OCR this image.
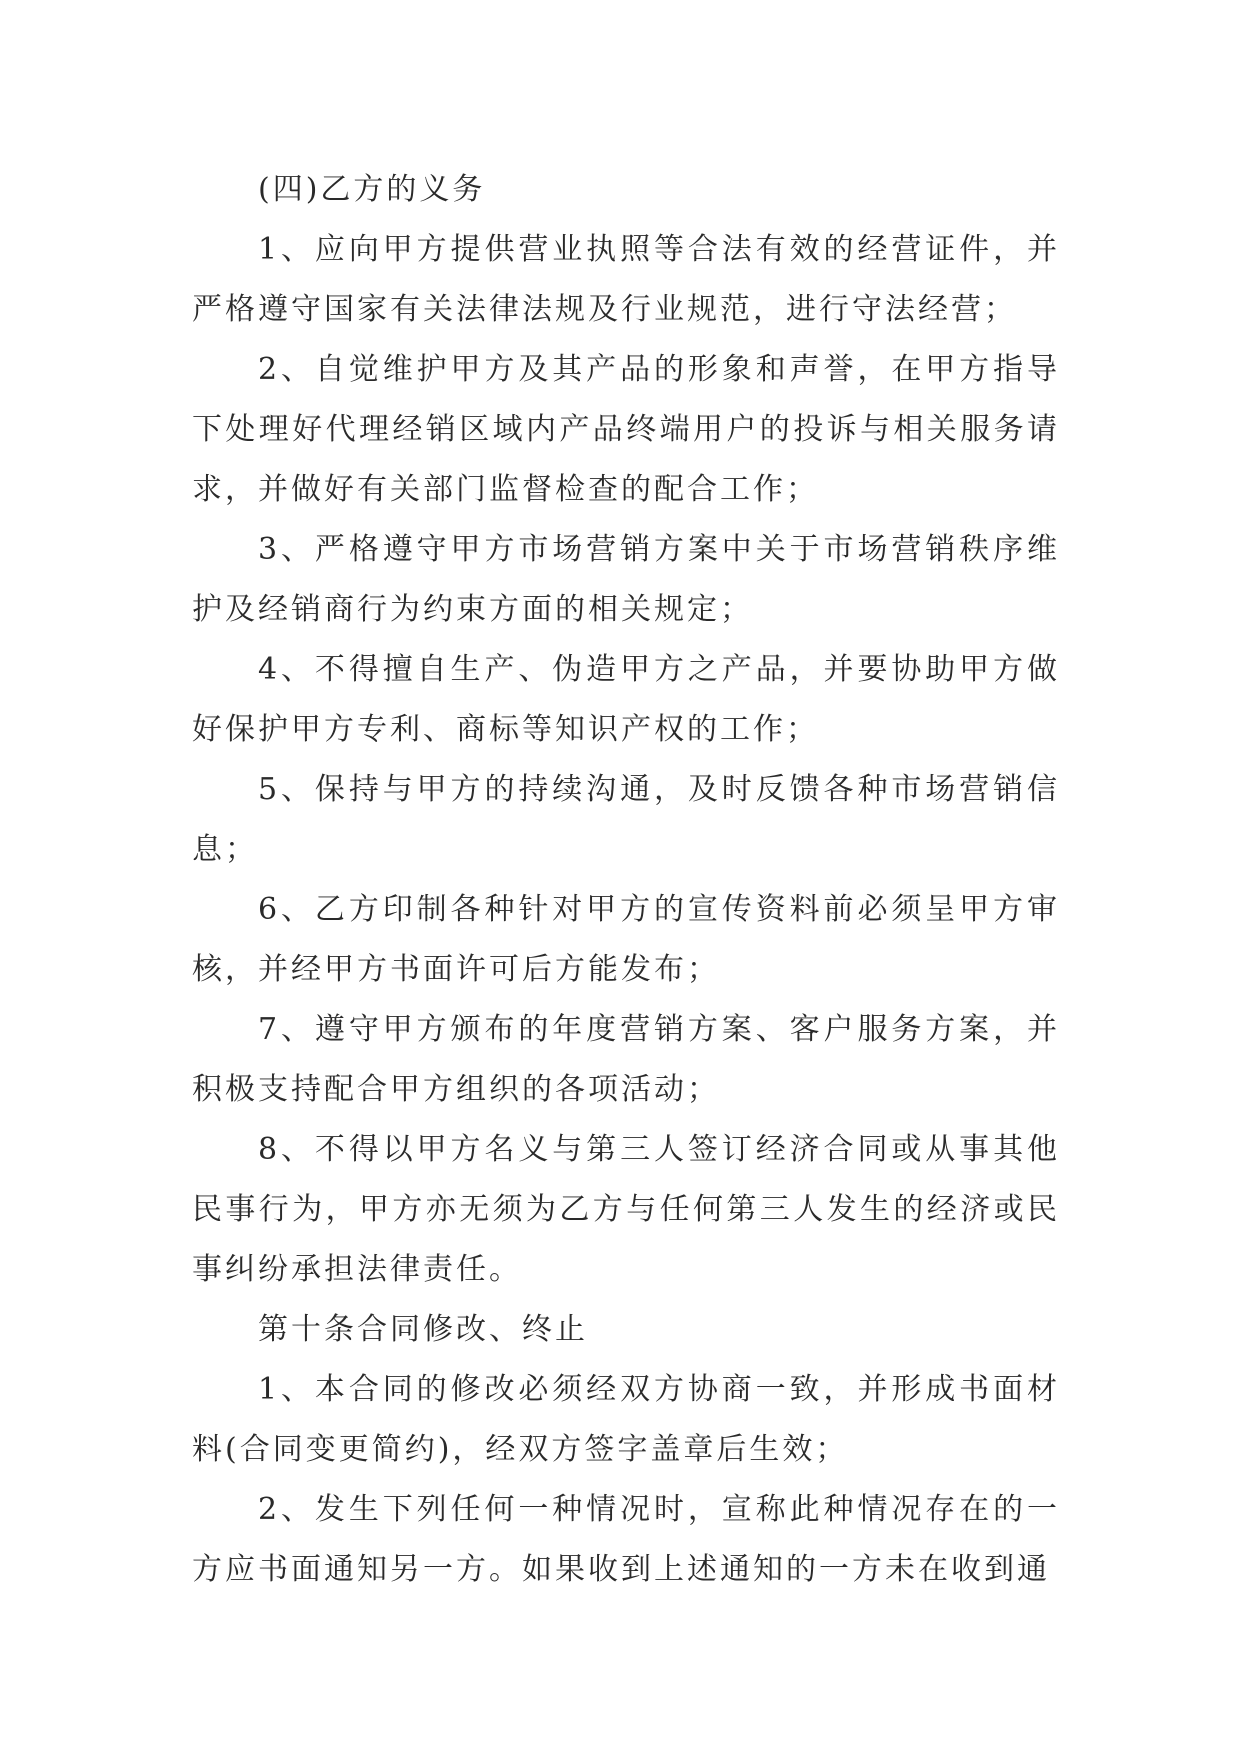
(四)乙方的义务

1、应向甲方提供营业执照等合法有效的经营证件，并严格遵守国家有关法律法规及行业规范，进行守法经营；

2、自觉维护甲方及其产品的形象和声誉，在甲方指导下处理好代理经销区域内产品终端用户的投诉与相关服务请求，并做好有关部门监督检查的配合工作；

3、严格遵守甲方市场营销方案中关于市场营销秩序维护及经销商行为约束方面的相关规定；

4、不得擅自生产、伪造甲方之产品，并要协助甲方做好保护甲方专利、商标等知识产权的工作；

5、保持与甲方的持续沟通，及时反馈各种市场营销信息；

6、乙方印制各种针对甲方的宣传资料前必须呈甲方审核，并经甲方书面许可后方能发布；

7、遵守甲方颁布的年度营销方案、客户服务方案，并积极支持配合甲方组织的各项活动；

8、不得以甲方名义与第三人签订经济合同或从事其他民事行为，甲方亦无须为乙方与任何第三人发生的经济或民事纠纷承担法律责任。

第十条合同修改、终止

1、本合同的修改必须经双方协商一致，并形成书面材料(合同变更简约)，经双方签字盖章后生效；

2、发生下列任何一种情况时，宣称此种情况存在的一方应书面通知另一方。如果收到上述通知的一方未在收到通
